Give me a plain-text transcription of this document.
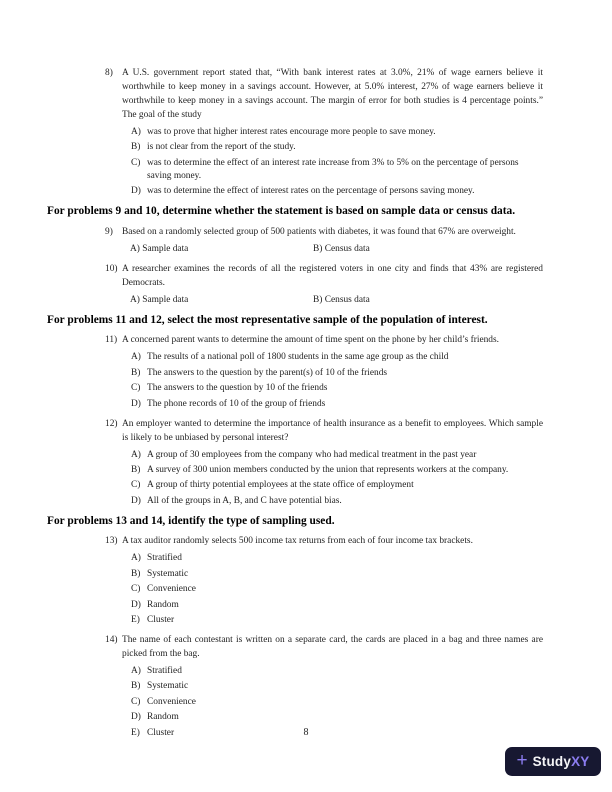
8) A U.S. government report stated that, “With bank interest rates at 3.0%, 21% of wage earners believe it worthwhile to keep money in a savings account. However, at 5.0% interest, 27% of wage earners believe it worthwhile to keep money in a savings account. The margin of error for both studies is 4 percentage points.” The goal of the study
A) was to prove that higher interest rates encourage more people to save money.
B) is not clear from the report of the study.
C) was to determine the effect of an interest rate increase from 3% to 5% on the percentage of persons saving money.
D) was to determine the effect of interest rates on the percentage of persons saving money.
For problems 9 and 10, determine whether the statement is based on sample data or census data.
9) Based on a randomly selected group of 500 patients with diabetes, it was found that 67% are overweight.
A) Sample data	B) Census data
10) A researcher examines the records of all the registered voters in one city and finds that 43% are registered Democrats.
A) Sample data	B) Census data
For problems 11 and 12, select the most representative sample of the population of interest.
11) A concerned parent wants to determine the amount of time spent on the phone by her child’s friends.
A) The results of a national poll of 1800 students in the same age group as the child
B) The answers to the question by the parent(s) of 10 of the friends
C) The answers to the question by 10 of the friends
D) The phone records of 10 of the group of friends
12) An employer wanted to determine the importance of health insurance as a benefit to employees. Which sample is likely to be unbiased by personal interest?
A) A group of 30 employees from the company who had medical treatment in the past year
B) A survey of 300 union members conducted by the union that represents workers at the company.
C) A group of thirty potential employees at the state office of employment
D) All of the groups in A, B, and C have potential bias.
For problems 13 and 14, identify the type of sampling used.
13) A tax auditor randomly selects 500 income tax returns from each of four income tax brackets.
A) Stratified
B) Systematic
C) Convenience
D) Random
E) Cluster
14) The name of each contestant is written on a separate card, the cards are placed in a bag and three names are picked from the bag.
A) Stratified
B) Systematic
C) Convenience
D) Random
E) Cluster	8
+ StudyXY
